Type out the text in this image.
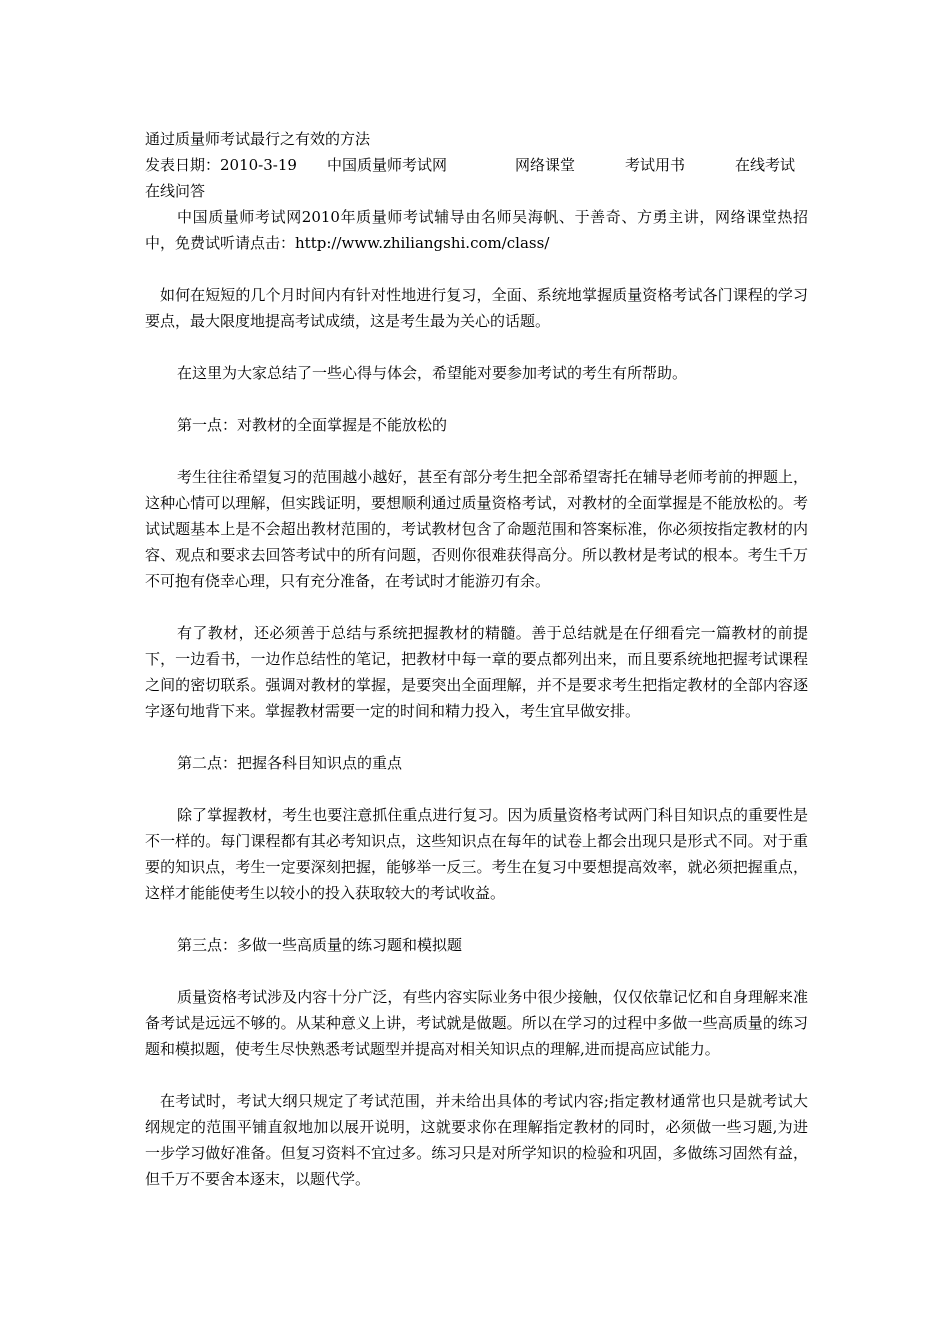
通过质量师考试最行之有效的方法
发表日期：2010-3-19	中国质量师考试网	网络课堂	考试用书	在线考试
在线问答
中国质量师考试网2010年质量师考试辅导由名师吴海帆、于善奇、方勇主讲，网络课堂热招中，免费试听请点击：http://www.zhiliangshi.com/class/
如何在短短的几个月时间内有针对性地进行复习，全面、系统地掌握质量资格考试各门课程的学习要点，最大限度地提高考试成绩，这是考生最为关心的话题。
在这里为大家总结了一些心得与体会，希望能对要参加考试的考生有所帮助。
第一点：对教材的全面掌握是不能放松的
考生往往希望复习的范围越小越好，甚至有部分考生把全部希望寄托在辅导老师考前的押题上，这种心情可以理解，但实践证明，要想顺利通过质量资格考试，对教材的全面掌握是不能放松的。考试试题基本上是不会超出教材范围的，考试教材包含了命题范围和答案标准，你必须按指定教材的内容、观点和要求去回答考试中的所有问题，否则你很难获得高分。所以教材是考试的根本。考生千万不可抱有侥幸心理，只有充分准备，在考试时才能游刃有余。
有了教材，还必须善于总结与系统把握教材的精髓。善于总结就是在仔细看完一篇教材的前提下，一边看书，一边作总结性的笔记，把教材中每一章的要点都列出来，而且要系统地把握考试课程之间的密切联系。强调对教材的掌握，是要突出全面理解，并不是要求考生把指定教材的全部内容逐字逐句地背下来。掌握教材需要一定的时间和精力投入，考生宜早做安排。
第二点：把握各科目知识点的重点
除了掌握教材，考生也要注意抓住重点进行复习。因为质量资格考试两门科目知识点的重要性是不一样的。每门课程都有其必考知识点，这些知识点在每年的试卷上都会出现只是形式不同。对于重要的知识点，考生一定要深刻把握，能够举一反三。考生在复习中要想提高效率，就必须把握重点，这样才能能使考生以较小的投入获取较大的考试收益。
第三点：多做一些高质量的练习题和模拟题
质量资格考试涉及内容十分广泛，有些内容实际业务中很少接触，仅仅依靠记忆和自身理解来准备考试是远远不够的。从某种意义上讲，考试就是做题。所以在学习的过程中多做一些高质量的练习题和模拟题，使考生尽快熟悉考试题型并提高对相关知识点的理解,进而提高应试能力。
在考试时，考试大纲只规定了考试范围，并未给出具体的考试内容;指定教材通常也只是就考试大纲规定的范围平铺直叙地加以展开说明，这就要求你在理解指定教材的同时，必须做一些习题,为进一步学习做好准备。但复习资料不宜过多。练习只是对所学知识的检验和巩固，多做练习固然有益，但千万不要舍本逐末，以题代学。
